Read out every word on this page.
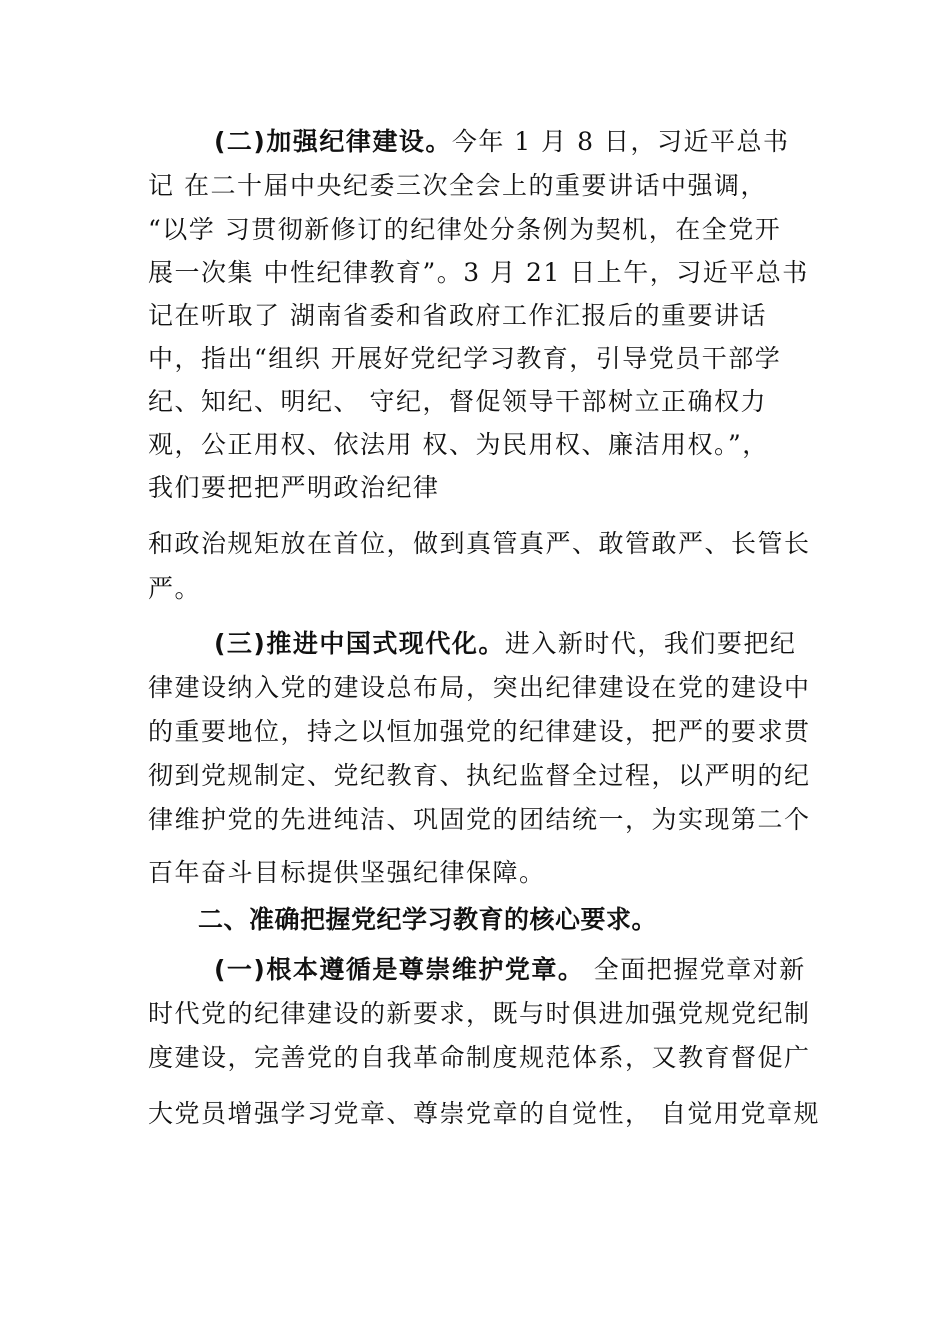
(二)加强纪律建设。今年 1 月 8 日，习近平总书
记 在二十届中央纪委三次全会上的重要讲话中强调，
“以学 习贯彻新修订的纪律处分条例为契机，在全党开
展一次集 中性纪律教育”。3 月 21 日上午，习近平总书
记在听取了 湖南省委和省政府工作汇报后的重要讲话
中，指出“组织 开展好党纪学习教育，引导党员干部学
纪、知纪、明纪、 守纪，督促领导干部树立正确权力
观，公正用权、依法用 权、为民用权、廉洁用权。”，
我们要把把严明政治纪律
和政治规矩放在首位，做到真管真严、敢管敢严、长管长
严。
(三)推进中国式现代化。进入新时代，我们要把纪
律建设纳入党的建设总布局，突出纪律建设在党的建设中
的重要地位，持之以恒加强党的纪律建设，把严的要求贯
彻到党规制定、党纪教育、执纪监督全过程，以严明的纪
律维护党的先进纯洁、巩固党的团结统一，为实现第二个
百年奋斗目标提供坚强纪律保障。
二、准确把握党纪学习教育的核心要求。
(一)根本遵循是尊崇维护党章。 全面把握党章对新
时代党的纪律建设的新要求，既与时俱进加强党规党纪制
度建设，完善党的自我革命制度规范体系，又教育督促广
大党员增强学习党章、尊崇党章的自觉性， 自觉用党章规
